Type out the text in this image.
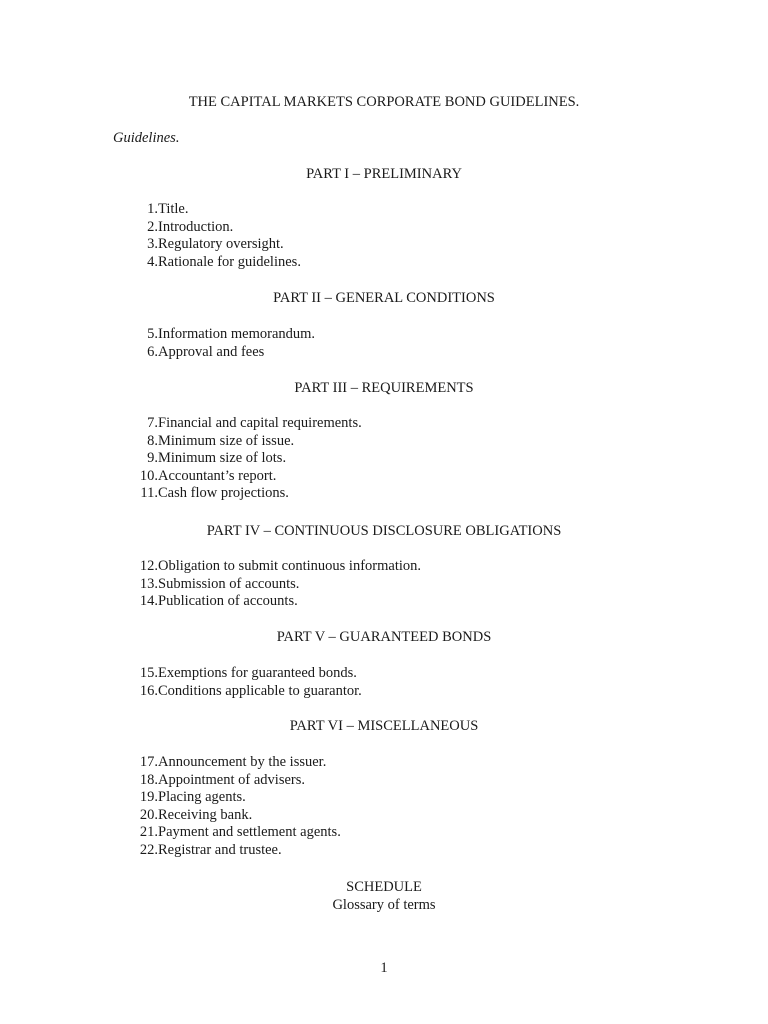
THE CAPITAL MARKETS CORPORATE BOND GUIDELINES.
Guidelines.
PART I – PRELIMINARY
1. Title.
2. Introduction.
3. Regulatory oversight.
4. Rationale for guidelines.
PART II – GENERAL CONDITIONS
5. Information memorandum.
6. Approval and fees
PART III – REQUIREMENTS
7. Financial and capital requirements.
8. Minimum size of issue.
9. Minimum size of lots.
10. Accountant’s report.
11. Cash flow projections.
PART IV – CONTINUOUS DISCLOSURE OBLIGATIONS
12. Obligation to submit continuous information.
13. Submission of accounts.
14. Publication of accounts.
PART V – GUARANTEED BONDS
15. Exemptions for guaranteed bonds.
16. Conditions applicable to guarantor.
PART VI – MISCELLANEOUS
17. Announcement by the issuer.
18. Appointment of advisers.
19. Placing agents.
20. Receiving bank.
21. Payment and settlement agents.
22. Registrar and trustee.
SCHEDULE
Glossary of terms
1
